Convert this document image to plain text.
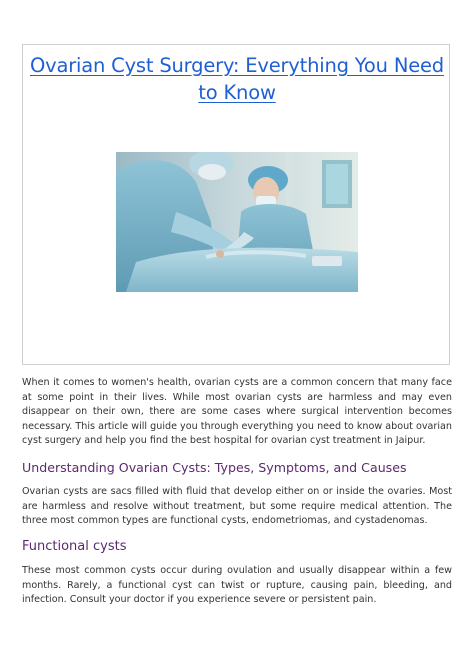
Ovarian Cyst Surgery: Everything You Need to Know

When it comes to women's health, ovarian cysts are a common concern that many face at some point in their lives. While most ovarian cysts are harmless and may even disappear on their own, there are some cases where surgical intervention becomes necessary. This article will guide you through everything you need to know about ovarian cyst surgery and help you find the best hospital for ovarian cyst treatment in Jaipur.

Understanding Ovarian Cysts: Types, Symptoms, and Causes

Ovarian cysts are sacs filled with fluid that develop either on or inside the ovaries. Most are harmless and resolve without treatment, but some require medical attention. The three most common types are functional cysts, endometriomas, and cystadenomas.

Functional cysts

These most common cysts occur during ovulation and usually disappear within a few months. Rarely, a functional cyst can twist or rupture, causing pain, bleeding, and infection. Consult your doctor if you experience severe or persistent pain.
